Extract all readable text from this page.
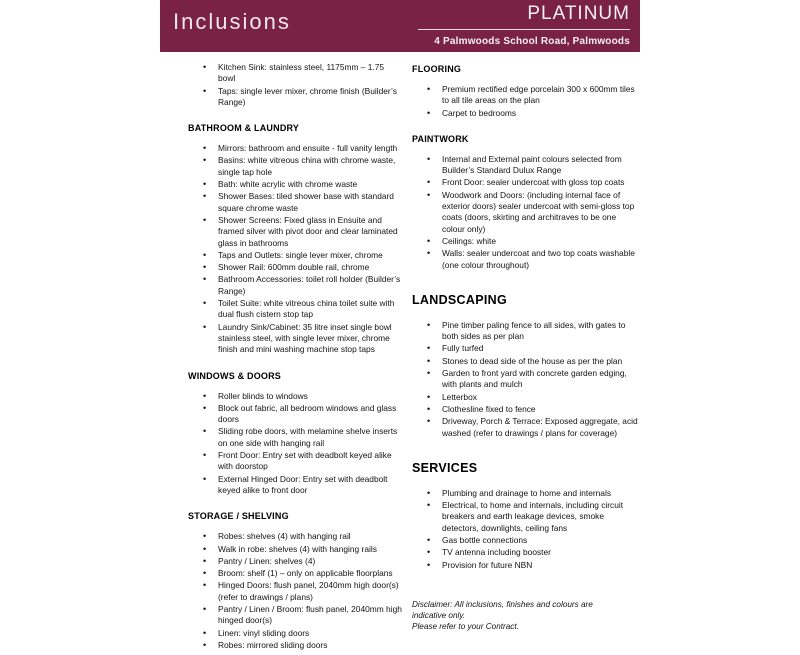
Inclusions	PLATINUM
4 Palmwoods School Road, Palmwoods
• Kitchen Sink: stainless steel, 1175mm – 1.75 bowl
• Taps: single lever mixer, chrome finish (Builder’s Range)
BATHROOM & LAUNDRY
• Mirrors: bathroom and ensuite - full vanity length
• Basins: white vitreous china with chrome waste, single tap hole
• Bath: white acrylic with chrome waste
• Shower Bases: tiled shower base with standard square chrome waste
• Shower Screens: Fixed glass in Ensuite and framed silver with pivot door and clear laminated glass in bathrooms
• Taps and Outlets: single lever mixer, chrome
• Shower Rail: 600mm double rail, chrome
• Bathroom Accessories: toilet roll holder (Builder’s Range)
• Toilet Suite: white vitreous china toilet suite with dual flush cistern stop tap
• Laundry Sink/Cabinet: 35 litre inset single bowl stainless steel, with single lever mixer, chrome finish and mini washing machine stop taps
WINDOWS & DOORS
• Roller blinds to windows
• Block out fabric, all bedroom windows and glass doors
• Sliding robe doors, with melamine shelve inserts on one side with hanging rail
• Front Door: Entry set with deadbolt keyed alike with doorstop
• External Hinged Door: Entry set with deadbolt keyed alike to front door
STORAGE / SHELVING
• Robes: shelves (4) with hanging rail
• Walk in robe: shelves (4) with hanging rails
• Pantry / Linen: shelves (4)
• Broom: shelf (1) – only on applicable floorplans
• Hinged Doors: flush panel, 2040mm high door(s) (refer to drawings / plans)
• Pantry / Linen / Broom: flush panel, 2040mm high hinged door(s)
• Linen: vinyl sliding doors
• Robes: mirrored sliding doors
FLOORING
• Premium rectified edge porcelain 300 x 600mm tiles to all tile areas on the plan
• Carpet to bedrooms
PAINTWORK
• Internal and External paint colours selected from Builder’s Standard Dulux Range
• Front Door: sealer undercoat with gloss top coats
• Woodwork and Doors: (including internal face of exterior doors) sealer undercoat with semi-gloss top coats (doors, skirting and architraves to be one colour only)
• Ceilings: white
• Walls: sealer undercoat and two top coats washable (one colour throughout)
LANDSCAPING
• Pine timber paling fence to all sides, with gates to both sides as per plan
• Fully turfed
• Stones to dead side of the house as per the plan
• Garden to front yard with concrete garden edging, with plants and mulch
• Letterbox
• Clothesline fixed to fence
• Driveway, Porch & Terrace: Exposed aggregate, acid washed (refer to drawings / plans for coverage)
SERVICES
• Plumbing and drainage to home and internals
• Electrical, to home and internals, including circuit breakers and earth leakage devices, smoke detectors, downlights, ceiling fans
• Gas bottle connections
• TV antenna including booster
• Provision for future NBN
Disclaimer: All inclusions, finishes and colours are indicative only.
Please refer to your Contract.
